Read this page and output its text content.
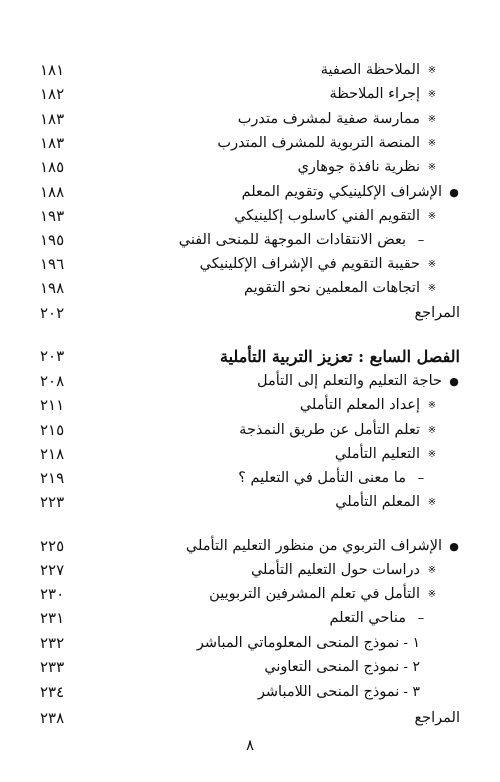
※
الملاحظة الصفية
١٨١
※
إجراء الملاحظة
١٨٢
※
ممارسة صفية لمشرف متدرب
١٨٣
※
المنصة التربوية للمشرف المتدرب
١٨٣
※
نظرية نافذة جوهاري
١٨٥
●
الإشراف الإكلينيكي وتقويم المعلم
١٨٨
※
التقويم الفني كاسلوب إكلينيكي
١٩٣
–
بعض الانتقادات الموجهة للمنحى الفني
١٩٥
※
حقيبة التقويم في الإشراف الإكلينيكي
١٩٦
※
اتجاهات المعلمين نحو التقويم
١٩٨
المراجع
٢٠٢
الفصل السابع : تعزيز التربية التأملية
٢٠٣
●
حاجة التعليم والتعلم إلى التأمل
٢٠٨
※
إعداد المعلم التأملي
٢١١
※
تعلم التأمل عن طريق النمذجة
٢١٥
※
التعليم التأملي
٢١٨
–
ما معنى التأمل في التعليم ؟
٢١٩
※
المعلم التأملي
٢٢٣
●
الإشراف التربوي من منظور التعليم التأملي
٢٢٥
※
دراسات حول التعليم التأملي
٢٢٧
※
التأمل في تعلم المشرفين التربويين
٢٣٠
–
مناحي التعلم
٢٣١
١ -
نموذج المنحى المعلوماتي المباشر
٢٣٢
٢ -
نموذج المنحى التعاوني
٢٣٣
٣ -
نموذج المنحى اللامباشر
٢٣٤
المراجع
٢٣٨
٨
